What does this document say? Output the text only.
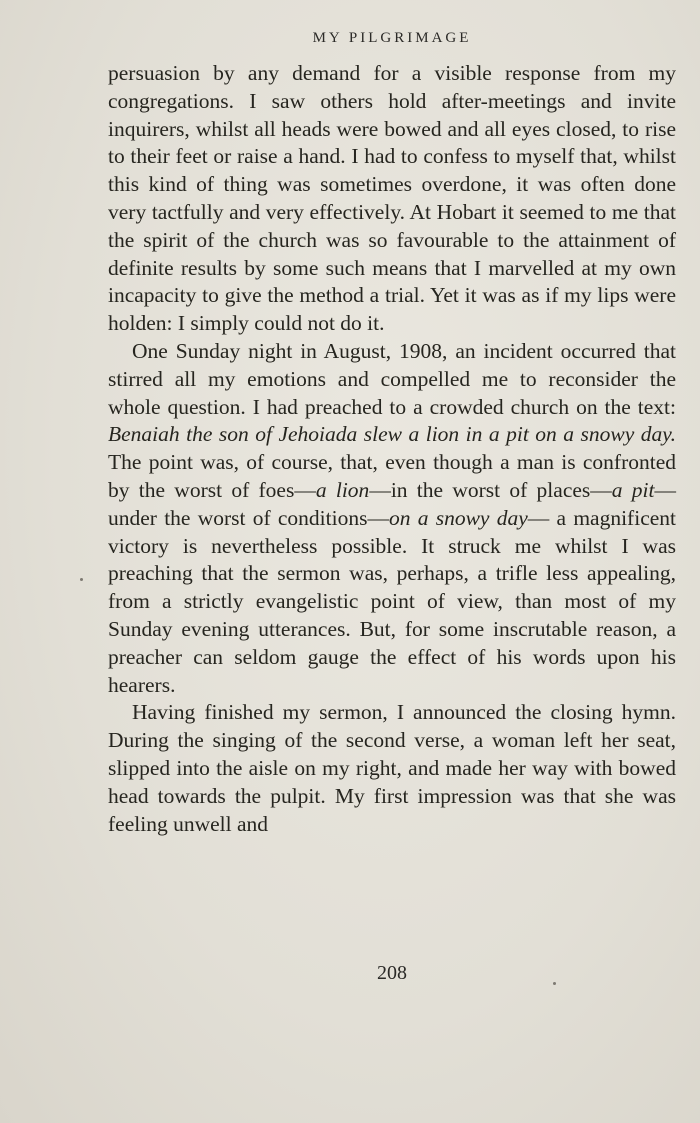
MY PILGRIMAGE

persuasion by any demand for a visible response from my congregations. I saw others hold after-meetings and invite inquirers, whilst all heads were bowed and all eyes closed, to rise to their feet or raise a hand. I had to confess to myself that, whilst this kind of thing was sometimes overdone, it was often done very tactfully and very effectively. At Hobart it seemed to me that the spirit of the church was so favourable to the attainment of definite results by some such means that I marvelled at my own incapacity to give the method a trial. Yet it was as if my lips were holden: I simply could not do it.

One Sunday night in August, 1908, an incident occurred that stirred all my emotions and compelled me to reconsider the whole question. I had preached to a crowded church on the text: Benaiah the son of Jehoiada slew a lion in a pit on a snowy day. The point was, of course, that, even though a man is confronted by the worst of foes—a lion—in the worst of places—a pit—under the worst of conditions—on a snowy day— a magnificent victory is nevertheless possible. It struck me whilst I was preaching that the sermon was, perhaps, a trifle less appealing, from a strictly evangelistic point of view, than most of my Sunday evening utterances. But, for some inscrutable reason, a preacher can seldom gauge the effect of his words upon his hearers.

Having finished my sermon, I announced the closing hymn. During the singing of the second verse, a woman left her seat, slipped into the aisle on my right, and made her way with bowed head towards the pulpit. My first impression was that she was feeling unwell and

208
